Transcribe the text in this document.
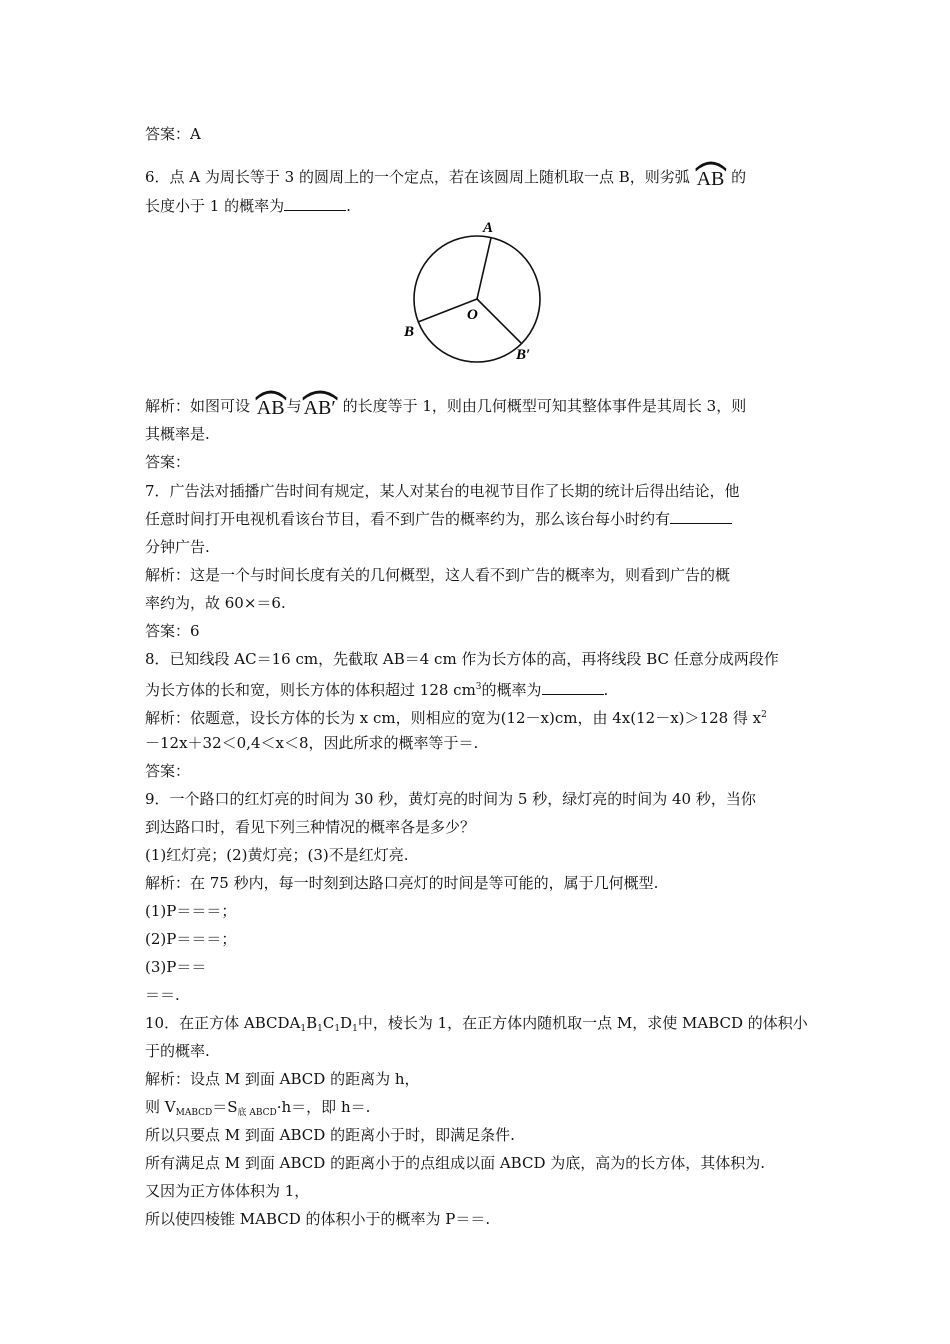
答案：A
6．点 A 为周长等于 3 的圆周上的一个定点，若在该圆周上随机取一点 B，则劣弧 AB 的
长度小于 1 的概率为	.
解析：如图可设 AB 与 AB′ 的长度等于 1，则由几何概型可知其整体事件是其周长 3，则
其概率是.
答案：
7．广告法对插播广告时间有规定，某人对某台的电视节目作了长期的统计后得出结论，他
任意时间打开电视机看该台节目，看不到广告的概率约为，那么该台每小时约有
分钟广告.
解析：这是一个与时间长度有关的几何概型，这人看不到广告的概率为，则看到广告的概
率约为，故 60×＝6.
答案：6
8．已知线段 AC＝16 cm，先截取 AB＝4 cm 作为长方体的高，再将线段 BC 任意分成两段作
为长方体的长和宽，则长方体的体积超过 128 $cm^3$的概率为	.
解析：依题意，设长方体的长为 x cm，则相应的宽为(12－x)cm，由 4x(12－x)＞128 得 $x^2$
－12x＋32＜0,4＜x＜8，因此所求的概率等于＝.
答案：
9．一个路口的红灯亮的时间为 30 秒，黄灯亮的时间为 5 秒，绿灯亮的时间为 40 秒，当你
到达路口时，看见下列三种情况的概率各是多少？
(1)红灯亮；(2)黄灯亮；(3)不是红灯亮.
解析：在 75 秒内，每一时刻到达路口亮灯的时间是等可能的，属于几何概型.
(1)P＝＝＝；
(2)P＝＝＝；
(3)P＝＝
＝＝.
10．在正方体 $ABCDA_1B_1C_1D_1$中，棱长为 1，在正方体内随机取一点 M，求使 MABCD 的体积小
于的概率.
解析：设点 M 到面 ABCD 的距离为 h，
则 $V_{MABCD}=S_{底 ABCD}\cdot h=$，即 h＝.
所以只要点 M 到面 ABCD 的距离小于时，即满足条件.
所有满足点 M 到面 ABCD 的距离小于的点组成以面 ABCD 为底，高为的长方体，其体积为.
又因为正方体体积为 1，
所以使四棱锥 MABCD 的体积小于的概率为 P＝＝.
A
B
O
B′
